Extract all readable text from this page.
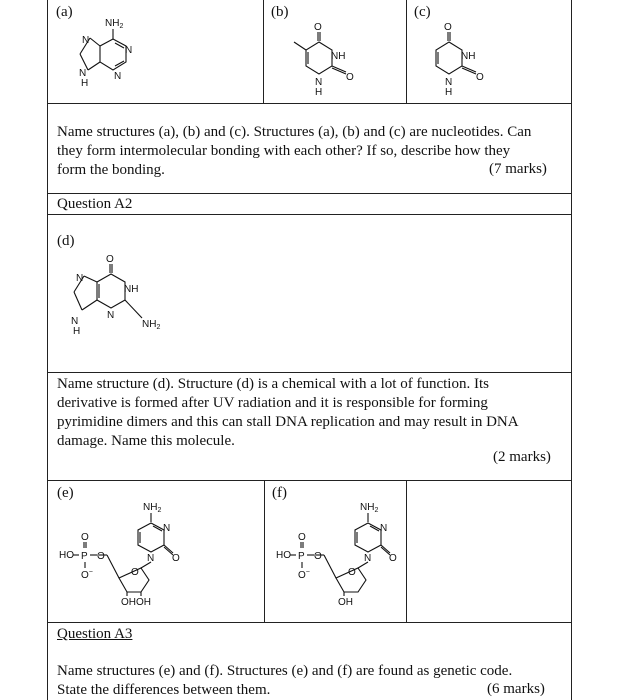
(a)	(b)	(c)
$NH_2$
N
N
N
N
H
O
NH
O
N
H
O
NH
O
N
H
Name structures (a), (b) and (c). Structures (a), (b) and (c) are nucleotides. Can
they form intermolecular bonding with each other? If so, describe how they
form the bonding.	(7 marks)
Question A2
(d)
O
N
NH
N
$NH_2$
N
H
Name structure (d). Structure (d) is a chemical with a lot of function. Its
derivative is formed after UV radiation and it is responsible for forming
pyrimidine dimers and this can stall DNA replication and may result in DNA
damage. Name this molecule.
(2 marks)
(e)	(f)
$NH_2$
N
O
N
O
HO P O
O
O−
OHOH
$NH_2$
N
O
N
O
HO P O
O
O−
OH
Question A3
Name structures (e) and (f). Structures (e) and (f) are found as genetic code.
State the differences between them.	(6 marks)
